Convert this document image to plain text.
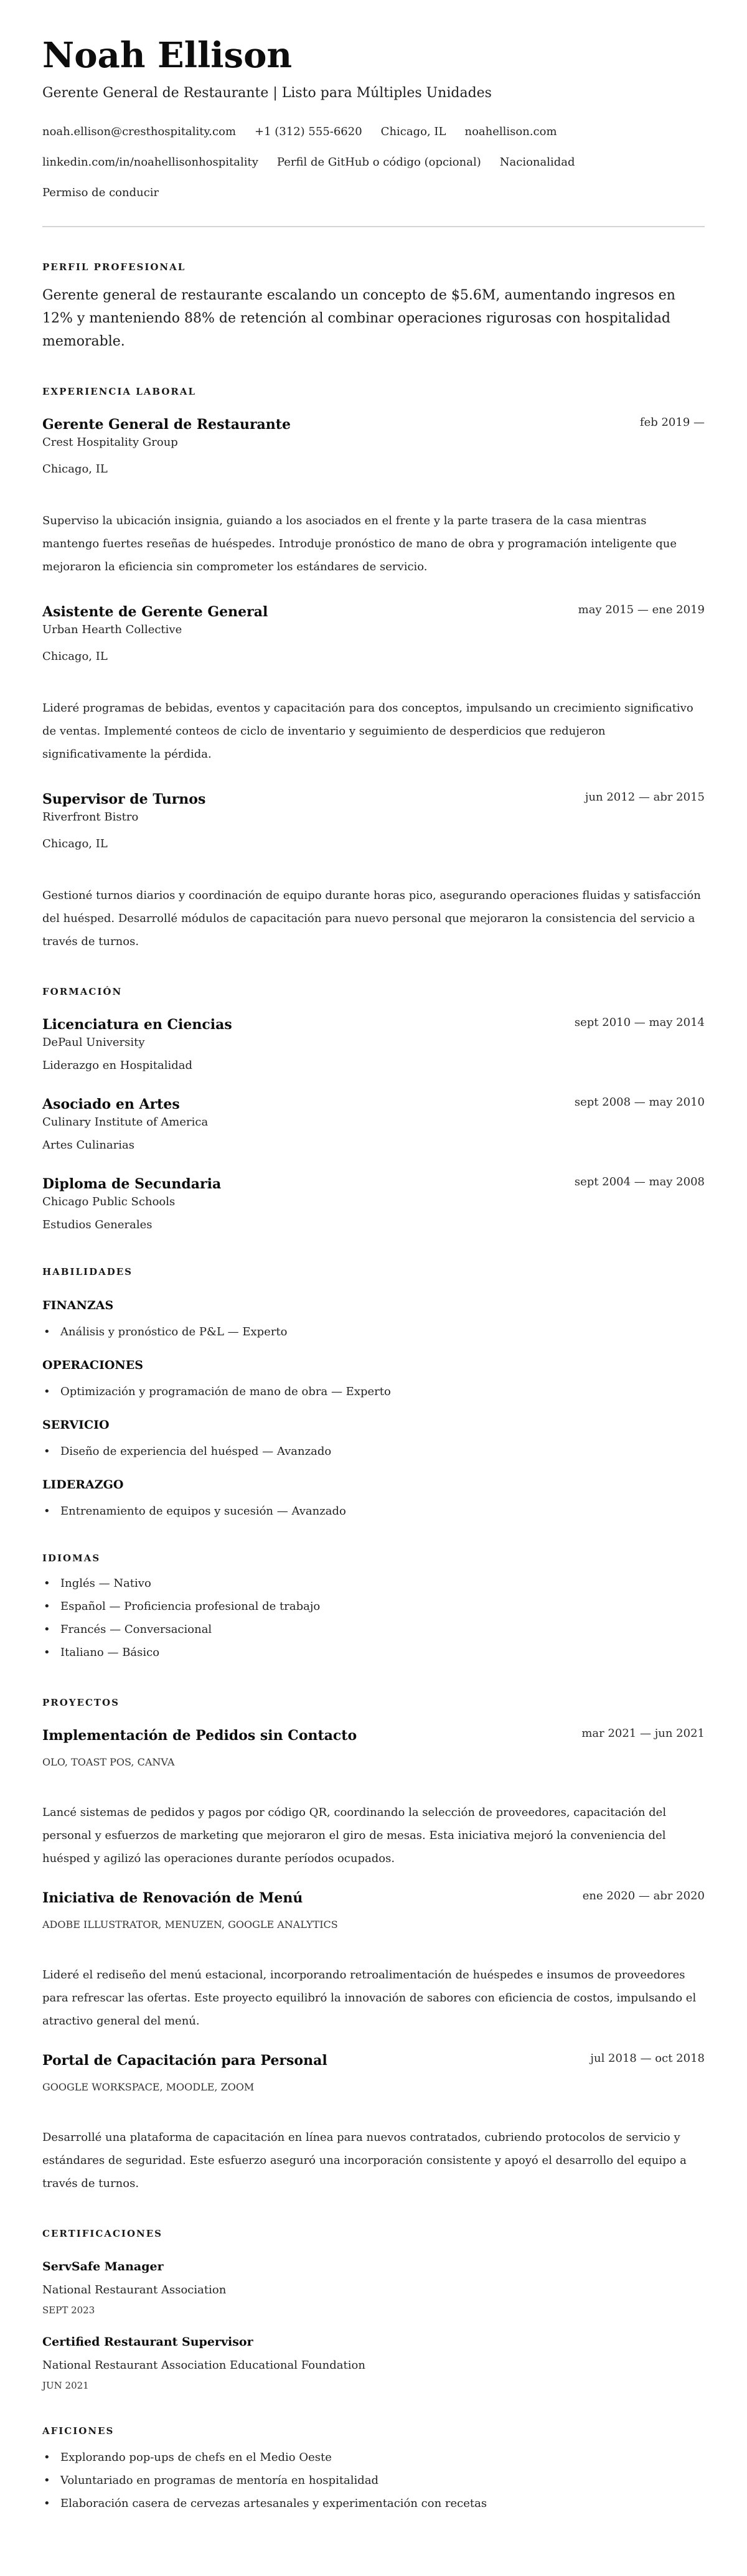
Noah Ellison
Gerente General de Restaurante | Listo para Múltiples Unidades
noah.ellison@cresthospitality.com +1 (312) 555-6620 Chicago, IL noahellison.com
linkedin.com/in/noahellisonhospitality Perfil de GitHub o código (opcional) Nacionalidad
Permiso de conducir
PERFIL PROFESIONAL

Gerente general de restaurante escalando un concepto de $5.6M, aumentando ingresos en 12% y manteniendo 88% de retención al combinar operaciones rigurosas con hospitalidad memorable.

EXPERIENCIA LABORAL
Gerente General de Restaurante	feb 2019 —
Crest Hospitality Group
Chicago, IL
Superviso la ubicación insignia, guiando a los asociados en el frente y la parte trasera de la casa mientras mantengo fuertes reseñas de huéspedes. Introduje pronóstico de mano de obra y programación inteligente que mejoraron la eficiencia sin comprometer los estándares de servicio.
Asistente de Gerente General	may 2015 — ene 2019
Urban Hearth Collective
Chicago, IL
Lideré programas de bebidas, eventos y capacitación para dos conceptos, impulsando un crecimiento significativo de ventas. Implementé conteos de ciclo de inventario y seguimiento de desperdicios que redujeron significativamente la pérdida.
Supervisor de Turnos	jun 2012 — abr 2015
Riverfront Bistro
Chicago, IL
Gestioné turnos diarios y coordinación de equipo durante horas pico, asegurando operaciones fluidas y satisfacción del huésped. Desarrollé módulos de capacitación para nuevo personal que mejoraron la consistencia del servicio a través de turnos.
FORMACIÓN
Licenciatura en Ciencias	sept 2010 — may 2014
DePaul University
Liderazgo en Hospitalidad
Asociado en Artes	sept 2008 — may 2010
Culinary Institute of America
Artes Culinarias
Diploma de Secundaria	sept 2004 — may 2008
Chicago Public Schools
Estudios Generales
HABILIDADES
FINANZAS
• Análisis y pronóstico de P&L — Experto
OPERACIONES
• Optimización y programación de mano de obra — Experto
SERVICIO
• Diseño de experiencia del huésped — Avanzado
LIDERAZGO
• Entrenamiento de equipos y sucesión — Avanzado
IDIOMAS
• Inglés — Nativo
• Español — Proficiencia profesional de trabajo
• Francés — Conversacional
• Italiano — Básico
PROYECTOS
Implementación de Pedidos sin Contacto	mar 2021 — jun 2021
OLO, TOAST POS, CANVA
Lancé sistemas de pedidos y pagos por código QR, coordinando la selección de proveedores, capacitación del personal y esfuerzos de marketing que mejoraron el giro de mesas. Esta iniciativa mejoró la conveniencia del huésped y agilizó las operaciones durante períodos ocupados.
Iniciativa de Renovación de Menú	ene 2020 — abr 2020
ADOBE ILLUSTRATOR, MENUZEN, GOOGLE ANALYTICS
Lideré el rediseño del menú estacional, incorporando retroalimentación de huéspedes e insumos de proveedores para refrescar las ofertas. Este proyecto equilibró la innovación de sabores con eficiencia de costos, impulsando el atractivo general del menú.
Portal de Capacitación para Personal	jul 2018 — oct 2018
GOOGLE WORKSPACE, MOODLE, ZOOM
Desarrollé una plataforma de capacitación en línea para nuevos contratados, cubriendo protocolos de servicio y estándares de seguridad. Este esfuerzo aseguró una incorporación consistente y apoyó el desarrollo del equipo a través de turnos.
CERTIFICACIONES
ServSafe Manager
National Restaurant Association
SEPT 2023
Certified Restaurant Supervisor
National Restaurant Association Educational Foundation
JUN 2021
AFICIONES
• Explorando pop-ups de chefs en el Medio Oeste
• Voluntariado en programas de mentoría en hospitalidad
• Elaboración casera de cervezas artesanales y experimentación con recetas
